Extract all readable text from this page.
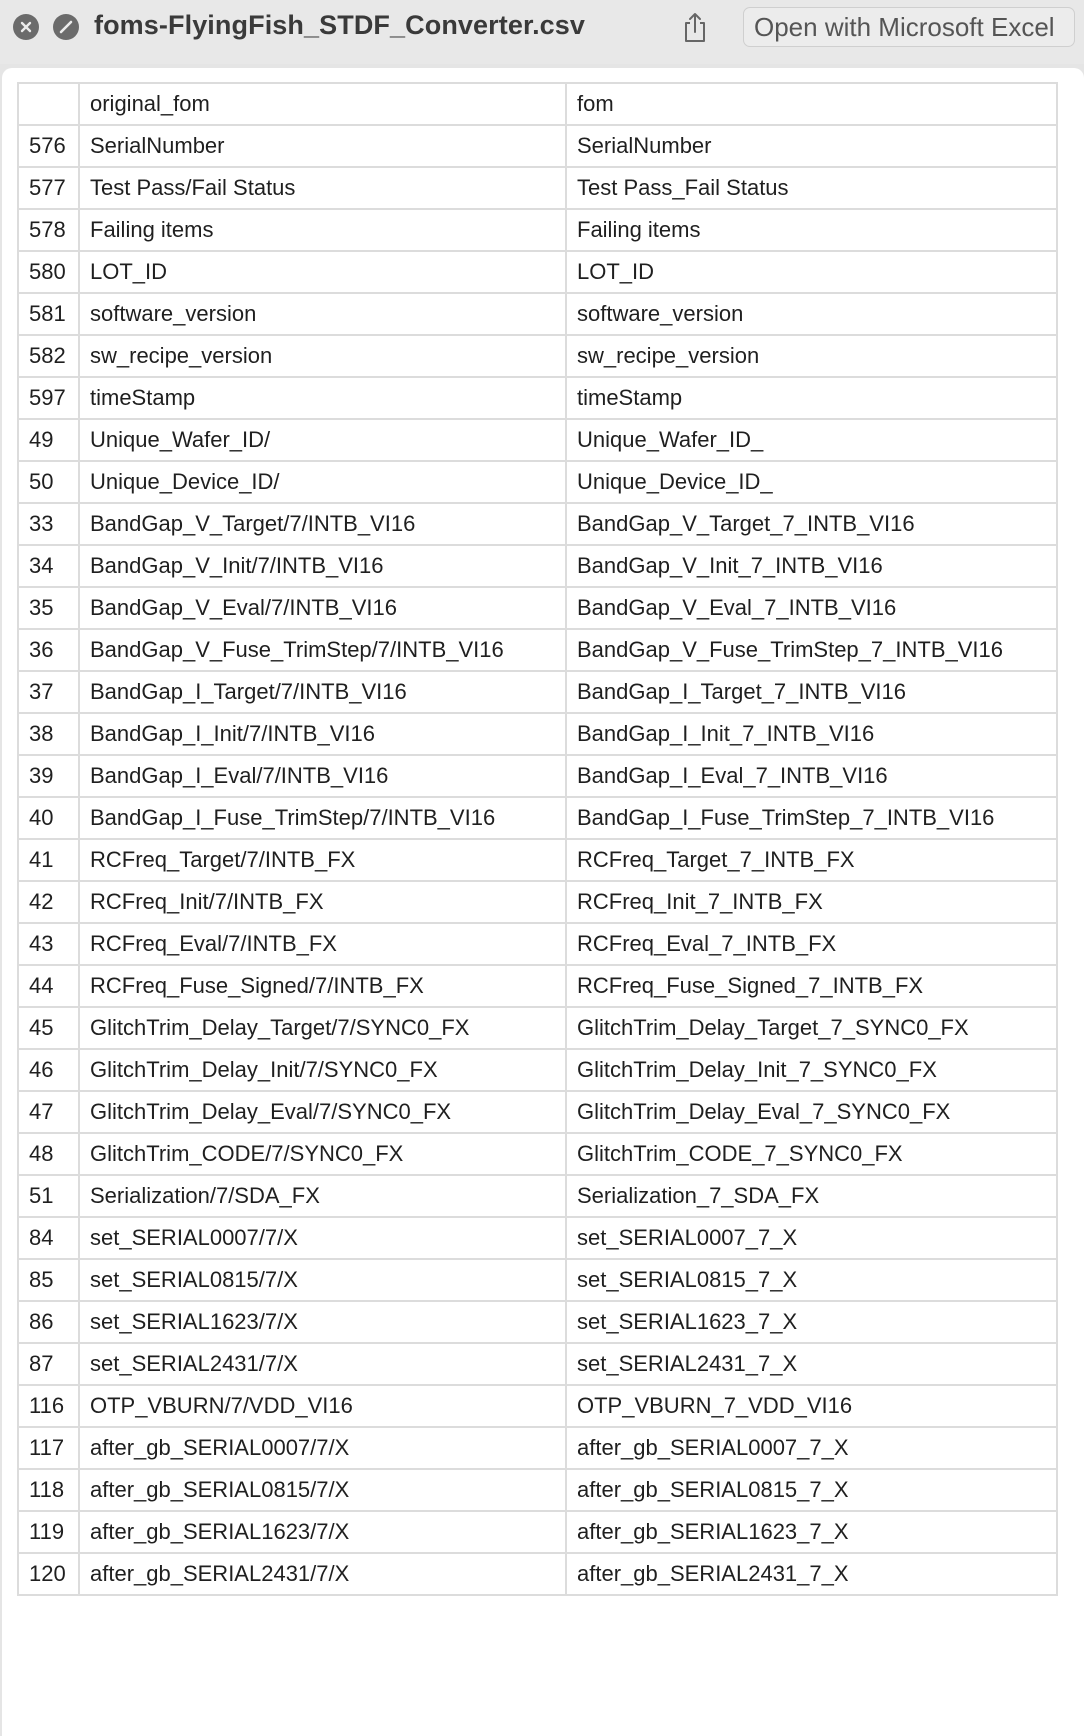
foms-FlyingFish_STDF_Converter.csv	Open with Microsoft Excel
	original_fom	fom
576	SerialNumber	SerialNumber
577	Test Pass/Fail Status	Test Pass_Fail Status
578	Failing items	Failing items
580	LOT_ID	LOT_ID
581	software_version	software_version
582	sw_recipe_version	sw_recipe_version
597	timeStamp	timeStamp
49	Unique_Wafer_ID/	Unique_Wafer_ID_
50	Unique_Device_ID/	Unique_Device_ID_
33	BandGap_V_Target/7/INTB_VI16	BandGap_V_Target_7_INTB_VI16
34	BandGap_V_Init/7/INTB_VI16	BandGap_V_Init_7_INTB_VI16
35	BandGap_V_Eval/7/INTB_VI16	BandGap_V_Eval_7_INTB_VI16
36	BandGap_V_Fuse_TrimStep/7/INTB_VI16	BandGap_V_Fuse_TrimStep_7_INTB_VI16
37	BandGap_I_Target/7/INTB_VI16	BandGap_I_Target_7_INTB_VI16
38	BandGap_I_Init/7/INTB_VI16	BandGap_I_Init_7_INTB_VI16
39	BandGap_I_Eval/7/INTB_VI16	BandGap_I_Eval_7_INTB_VI16
40	BandGap_I_Fuse_TrimStep/7/INTB_VI16	BandGap_I_Fuse_TrimStep_7_INTB_VI16
41	RCFreq_Target/7/INTB_FX	RCFreq_Target_7_INTB_FX
42	RCFreq_Init/7/INTB_FX	RCFreq_Init_7_INTB_FX
43	RCFreq_Eval/7/INTB_FX	RCFreq_Eval_7_INTB_FX
44	RCFreq_Fuse_Signed/7/INTB_FX	RCFreq_Fuse_Signed_7_INTB_FX
45	GlitchTrim_Delay_Target/7/SYNC0_FX	GlitchTrim_Delay_Target_7_SYNC0_FX
46	GlitchTrim_Delay_Init/7/SYNC0_FX	GlitchTrim_Delay_Init_7_SYNC0_FX
47	GlitchTrim_Delay_Eval/7/SYNC0_FX	GlitchTrim_Delay_Eval_7_SYNC0_FX
48	GlitchTrim_CODE/7/SYNC0_FX	GlitchTrim_CODE_7_SYNC0_FX
51	Serialization/7/SDA_FX	Serialization_7_SDA_FX
84	set_SERIAL0007/7/X	set_SERIAL0007_7_X
85	set_SERIAL0815/7/X	set_SERIAL0815_7_X
86	set_SERIAL1623/7/X	set_SERIAL1623_7_X
87	set_SERIAL2431/7/X	set_SERIAL2431_7_X
116	OTP_VBURN/7/VDD_VI16	OTP_VBURN_7_VDD_VI16
117	after_gb_SERIAL0007/7/X	after_gb_SERIAL0007_7_X
118	after_gb_SERIAL0815/7/X	after_gb_SERIAL0815_7_X
119	after_gb_SERIAL1623/7/X	after_gb_SERIAL1623_7_X
120	after_gb_SERIAL2431/7/X	after_gb_SERIAL2431_7_X
